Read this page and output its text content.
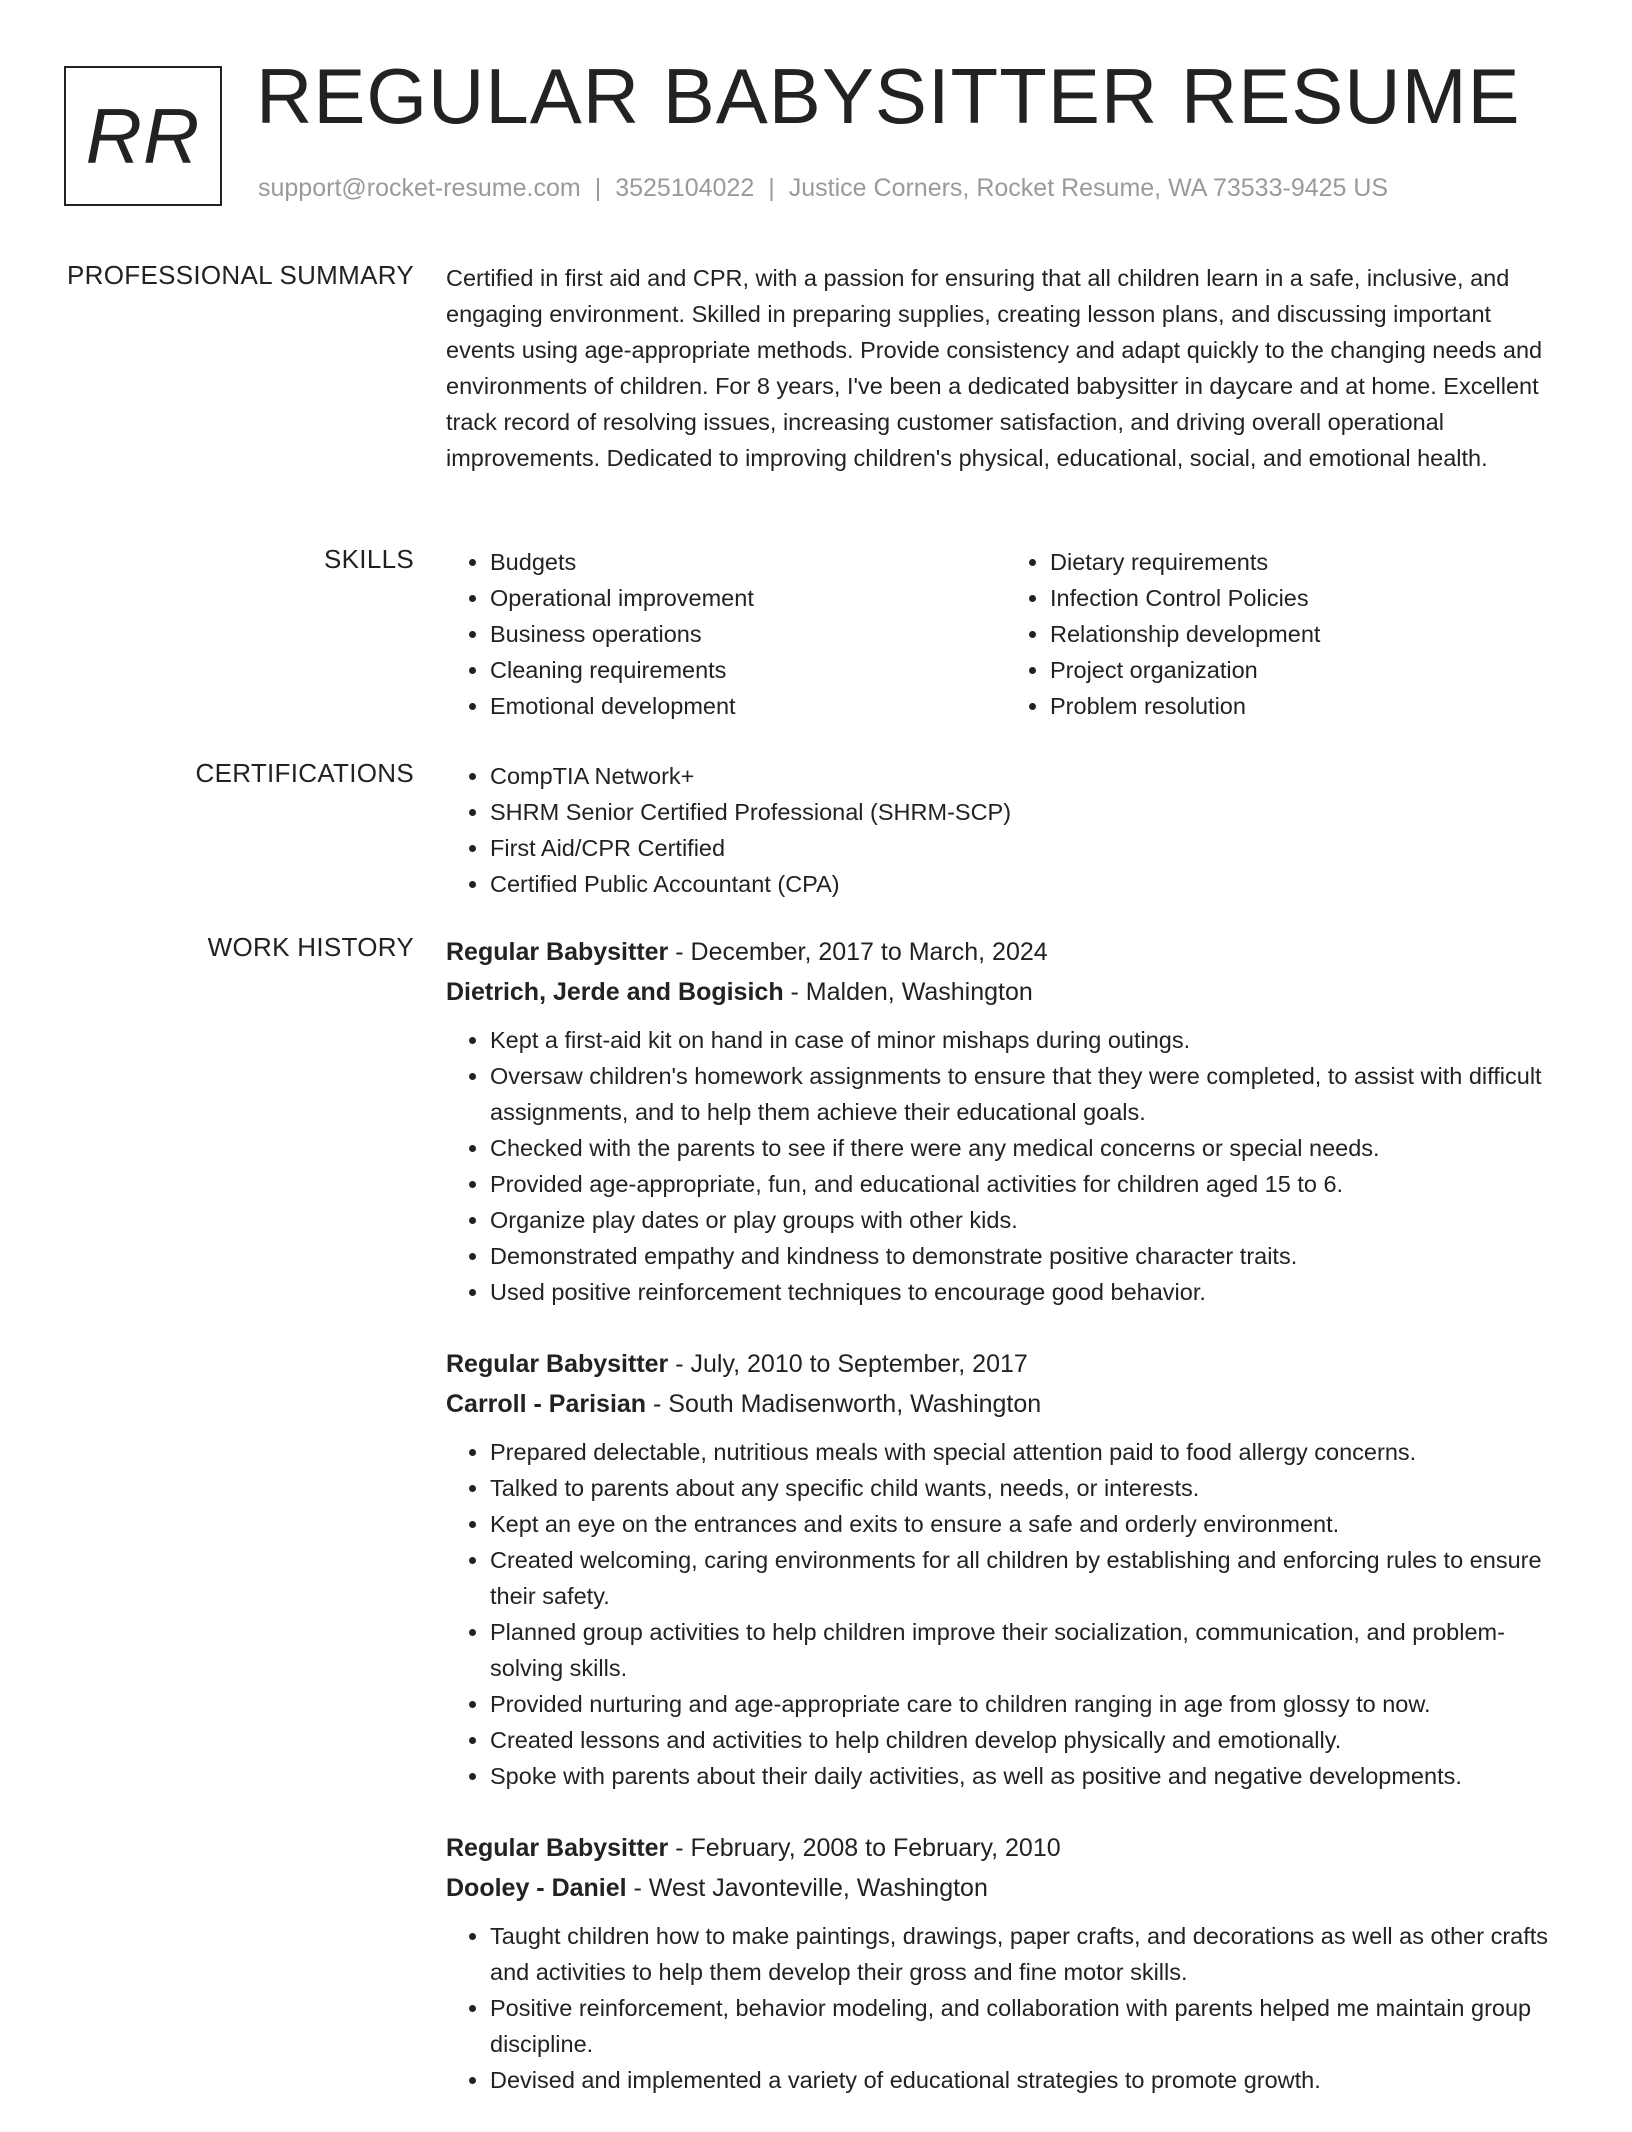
RR REGULAR BABYSITTER RESUME
support@rocket-resume.com | 3525104022 | Justice Corners, Rocket Resume, WA 73533-9425 US
PROFESSIONAL SUMMARY Certified in first aid and CPR, with a passion for ensuring that all children learn in a safe, inclusive, and engaging environment. Skilled in preparing supplies, creating lesson plans, and discussing important events using age-appropriate methods. Provide consistency and adapt quickly to the changing needs and environments of children. For 8 years, I've been a dedicated babysitter in daycare and at home. Excellent track record of resolving issues, increasing customer satisfaction, and driving overall operational improvements. Dedicated to improving children's physical, educational, social, and emotional health.

SKILLS	• Budgets
• Operational improvement
• Business operations
• Cleaning requirements
• Emotional development
• Dietary requirements
• Infection Control Policies
• Relationship development
• Project organization
• Problem resolution
CERTIFICATIONS	• CompTIA Network+
• SHRM Senior Certified Professional (SHRM-SCP)
• First Aid/CPR Certified
• Certified Public Accountant (CPA)
WORK HISTORY Regular Babysitter - December, 2017 to March, 2024
Dietrich, Jerde and Bogisich - Malden, Washington
• Kept a first-aid kit on hand in case of minor mishaps during outings.
• Oversaw children's homework assignments to ensure that they were completed, to assist with difficult assignments, and to help them achieve their educational goals.
• Checked with the parents to see if there were any medical concerns or special needs.
• Provided age-appropriate, fun, and educational activities for children aged 15 to 6.
• Organize play dates or play groups with other kids.
• Demonstrated empathy and kindness to demonstrate positive character traits.
• Used positive reinforcement techniques to encourage good behavior.
Regular Babysitter - July, 2010 to September, 2017
Carroll - Parisian - South Madisenworth, Washington
• Prepared delectable, nutritious meals with special attention paid to food allergy concerns.
• Talked to parents about any specific child wants, needs, or interests.
• Kept an eye on the entrances and exits to ensure a safe and orderly environment.
• Created welcoming, caring environments for all children by establishing and enforcing rules to ensure their safety.
• Planned group activities to help children improve their socialization, communication, and problem-solving skills.
• Provided nurturing and age-appropriate care to children ranging in age from glossy to now.
• Created lessons and activities to help children develop physically and emotionally.
• Spoke with parents about their daily activities, as well as positive and negative developments.
Regular Babysitter - February, 2008 to February, 2010
Dooley - Daniel - West Javonteville, Washington
• Taught children how to make paintings, drawings, paper crafts, and decorations as well as other crafts and activities to help them develop their gross and fine motor skills.
• Positive reinforcement, behavior modeling, and collaboration with parents helped me maintain group discipline.
• Devised and implemented a variety of educational strategies to promote growth.
